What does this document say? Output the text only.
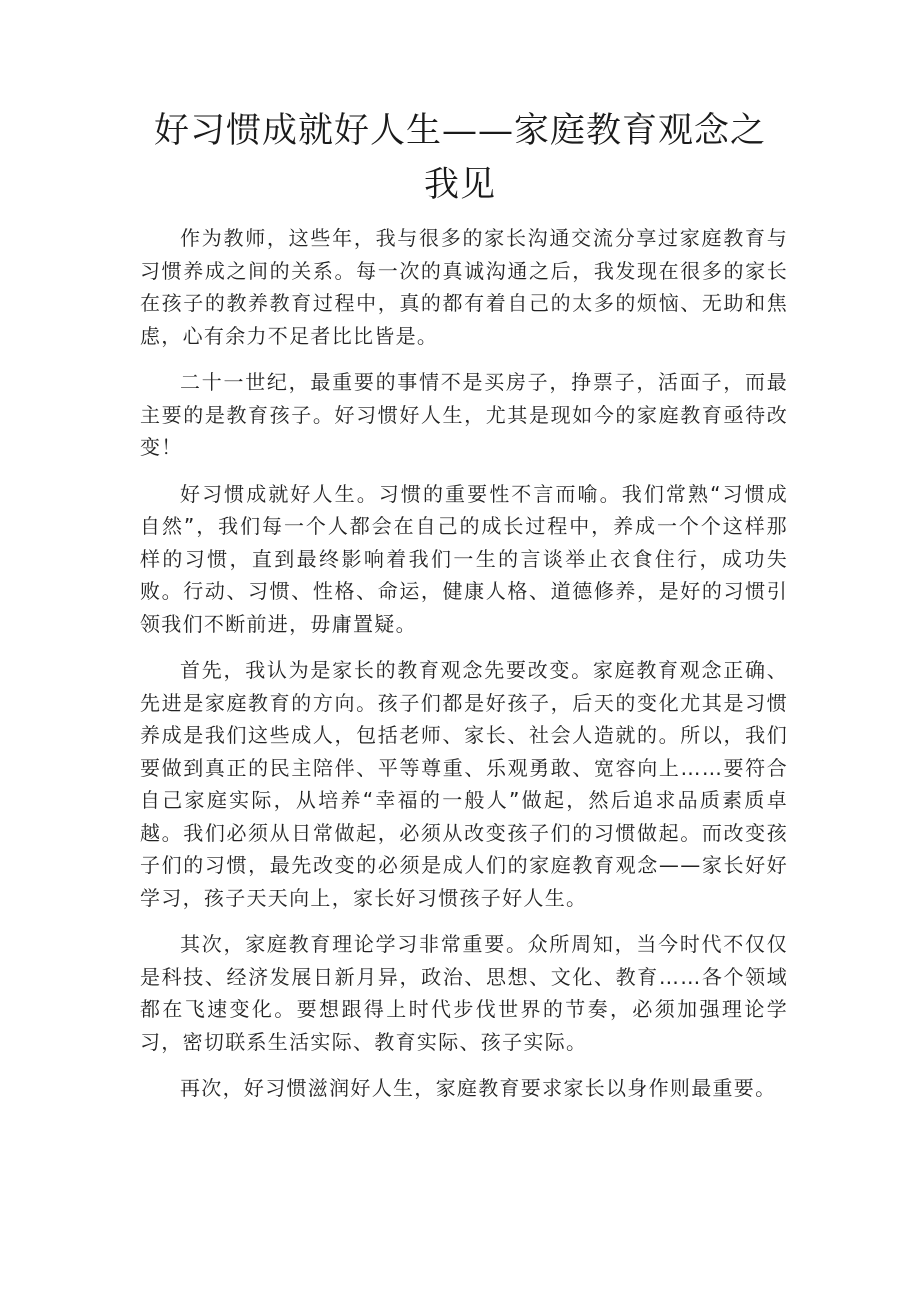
好习惯成就好人生——家庭教育观念之我见

作为教师，这些年，我与很多的家长沟通交流分享过家庭教育与习惯养成之间的关系。每一次的真诚沟通之后，我发现在很多的家长在孩子的教养教育过程中，真的都有着自己的太多的烦恼、无助和焦虑，心有余力不足者比比皆是。

二十一世纪，最重要的事情不是买房子，挣票子，活面子，而最主要的是教育孩子。好习惯好人生，尤其是现如今的家庭教育亟待改变！

好习惯成就好人生。习惯的重要性不言而喻。我们常熟“习惯成自然”，我们每一个人都会在自己的成长过程中，养成一个个这样那样的习惯，直到最终影响着我们一生的言谈举止衣食住行，成功失败。行动、习惯、性格、命运，健康人格、道德修养，是好的习惯引领我们不断前进，毋庸置疑。

首先，我认为是家长的教育观念先要改变。家庭教育观念正确、先进是家庭教育的方向。孩子们都是好孩子，后天的变化尤其是习惯养成是我们这些成人，包括老师、家长、社会人造就的。所以，我们要做到真正的民主陪伴、平等尊重、乐观勇敢、宽容向上……要符合自己家庭实际，从培养“幸福的一般人”做起，然后追求品质素质卓越。我们必须从日常做起，必须从改变孩子们的习惯做起。而改变孩子们的习惯，最先改变的必须是成人们的家庭教育观念——家长好好学习，孩子天天向上，家长好习惯孩子好人生。

其次，家庭教育理论学习非常重要。众所周知，当今时代不仅仅是科技、经济发展日新月异，政治、思想、文化、教育……各个领域都在飞速变化。要想跟得上时代步伐世界的节奏，必须加强理论学习，密切联系生活实际、教育实际、孩子实际。

再次，好习惯滋润好人生，家庭教育要求家长以身作则最重要。
